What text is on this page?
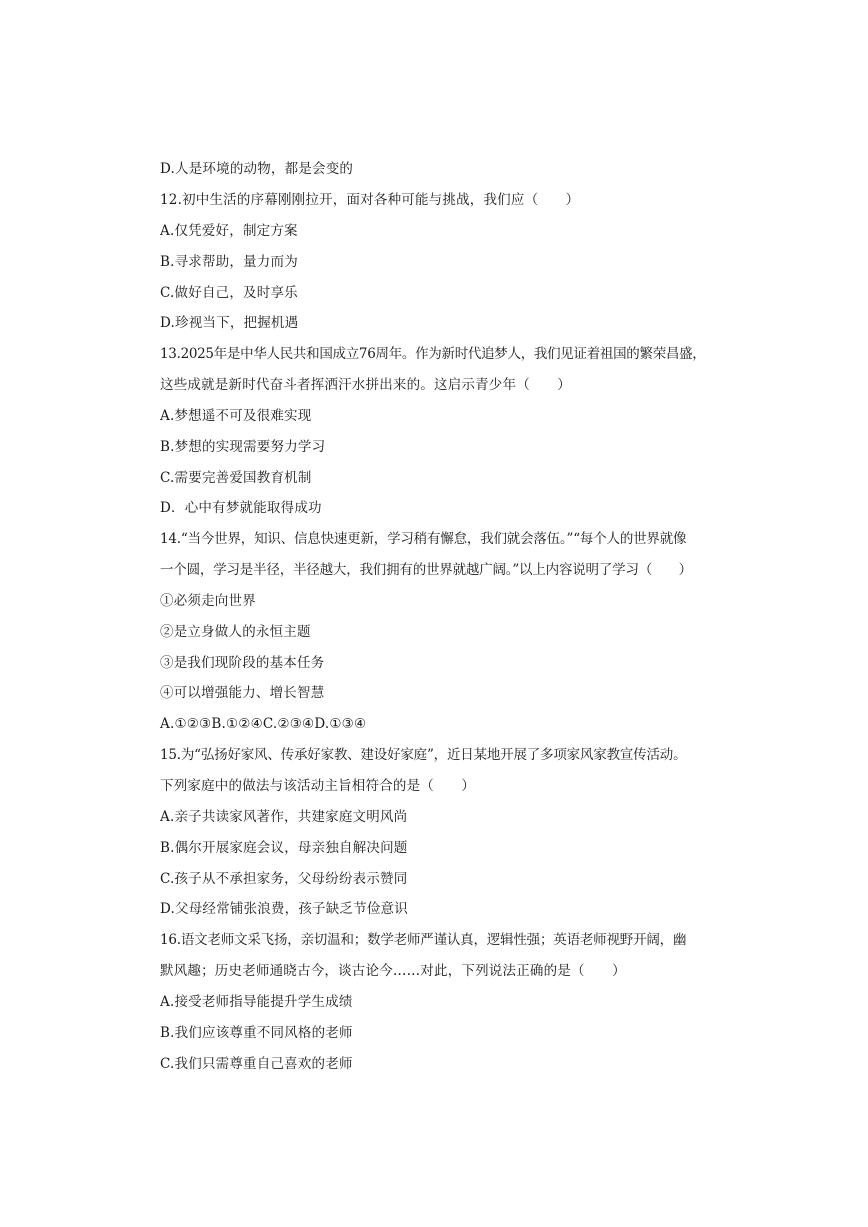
D.人是环境的动物，都是会变的
12.初中生活的序幕刚刚拉开，面对各种可能与挑战，我们应（　　）
A.仅凭爱好，制定方案
B.寻求帮助，量力而为
C.做好自己，及时享乐
D.珍视当下，把握机遇
13.2025年是中华人民共和国成立76周年。作为新时代追梦人，我们见证着祖国的繁荣昌盛，
这些成就是新时代奋斗者挥洒汗水拼出来的。这启示青少年（　　）
A.梦想遥不可及很难实现
B.梦想的实现需要努力学习
C.需要完善爱国教育机制
D．心中有梦就能取得成功
14.“当今世界，知识、信息快速更新，学习稍有懈怠，我们就会落伍。”“每个人的世界就像
一个圆，学习是半径，半径越大，我们拥有的世界就越广阔。”以上内容说明了学习（　　）
①必须走向世界
②是立身做人的永恒主题
③是我们现阶段的基本任务
④可以增强能力、增长智慧
A.①②③B.①②④C.②③④D.①③④
15.为“弘扬好家风、传承好家教、建设好家庭”，近日某地开展了多项家风家教宣传活动。
下列家庭中的做法与该活动主旨相符合的是（　　）
A.亲子共读家风著作，共建家庭文明风尚
B.偶尔开展家庭会议，母亲独自解决问题
C.孩子从不承担家务，父母纷纷表示赞同
D.父母经常铺张浪费，孩子缺乏节俭意识
16.语文老师文采飞扬，亲切温和；数学老师严谨认真，逻辑性强；英语老师视野开阔，幽
默风趣；历史老师通晓古今，谈古论今……对此，下列说法正确的是（　　）
A.接受老师指导能提升学生成绩
B.我们应该尊重不同风格的老师
C.我们只需尊重自己喜欢的老师
